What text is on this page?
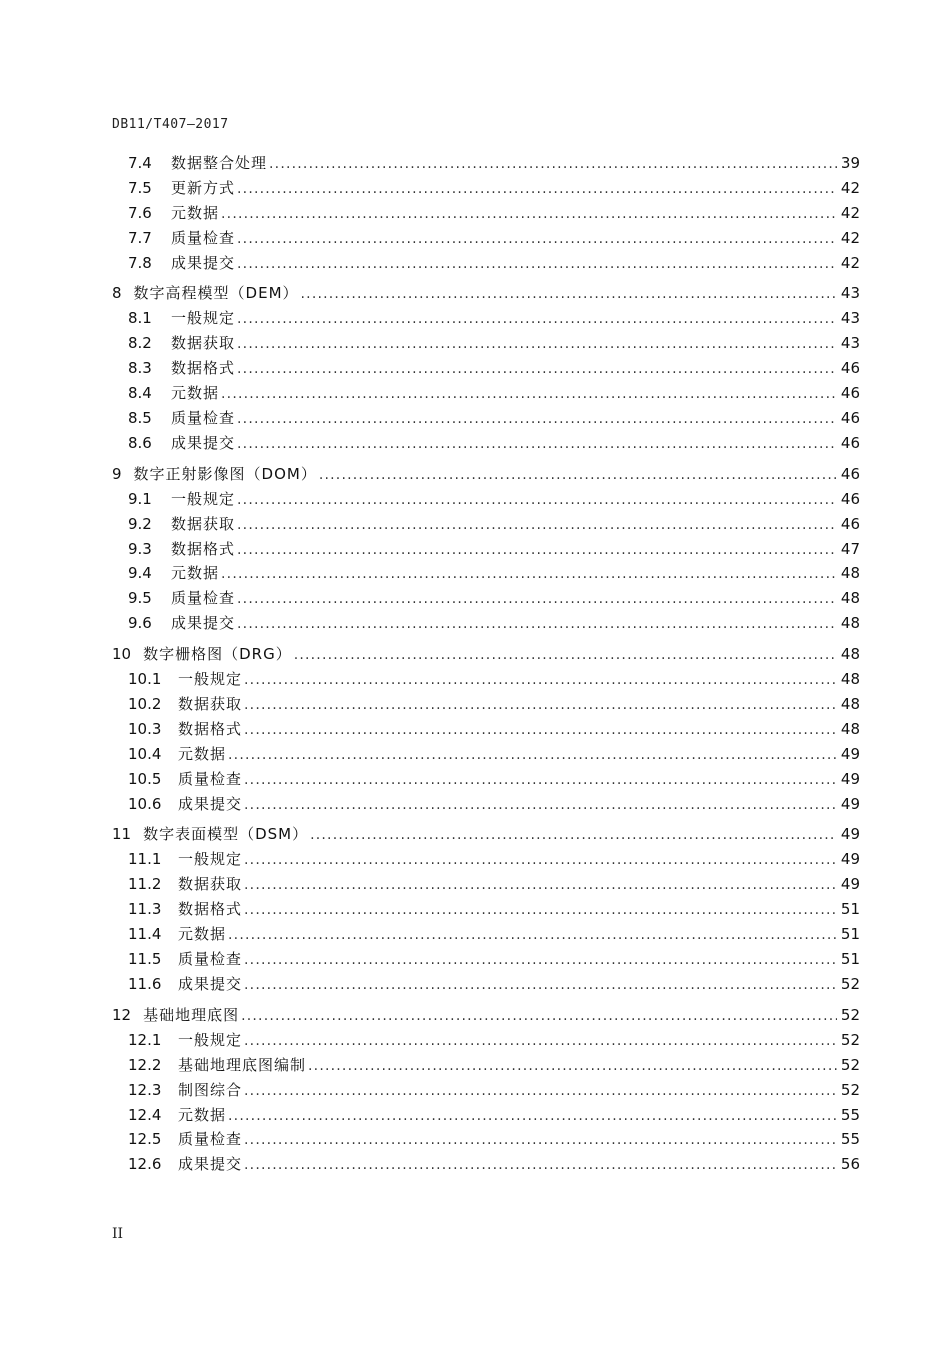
DB11/T407—2017
7.4	数据整合处理 .....	39
7.5	更新方式 .....	42
7.6	元数据 .....	42
7.7	质量检查 .....	42
7.8	成果提交 .....	42
8 数字高程模型（DEM） .....	43
8.1	一般规定 .....	43
8.2	数据获取 .....	43
8.3	数据格式 .....	46
8.4	元数据 .....	46
8.5	质量检查 .....	46
8.6	成果提交 .....	46
9 数字正射影像图（DOM） .....	46
9.1	一般规定 .....	46
9.2	数据获取 .....	46
9.3	数据格式 .....	47
9.4	元数据 .....	48
9.5	质量检查 .....	48
9.6	成果提交 .....	48
10 数字栅格图（DRG） .....	48
10.1	一般规定 .....	48
10.2	数据获取 .....	48
10.3	数据格式 .....	48
10.4	元数据 .....	49
10.5	质量检查 .....	49
10.6	成果提交 .....	49
11 数字表面模型（DSM） .....	49
11.1	一般规定 .....	49
11.2	数据获取 .....	49
11.3	数据格式 .....	51
11.4	元数据 .....	51
11.5	质量检查 .....	51
11.6	成果提交 .....	52
12 基础地理底图 .....	52
12.1	一般规定 .....	52
12.2	基础地理底图编制 .....	52
12.3	制图综合 .....	52
12.4	元数据 .....	55
12.5	质量检查 .....	55
12.6	成果提交 .....	56
II
